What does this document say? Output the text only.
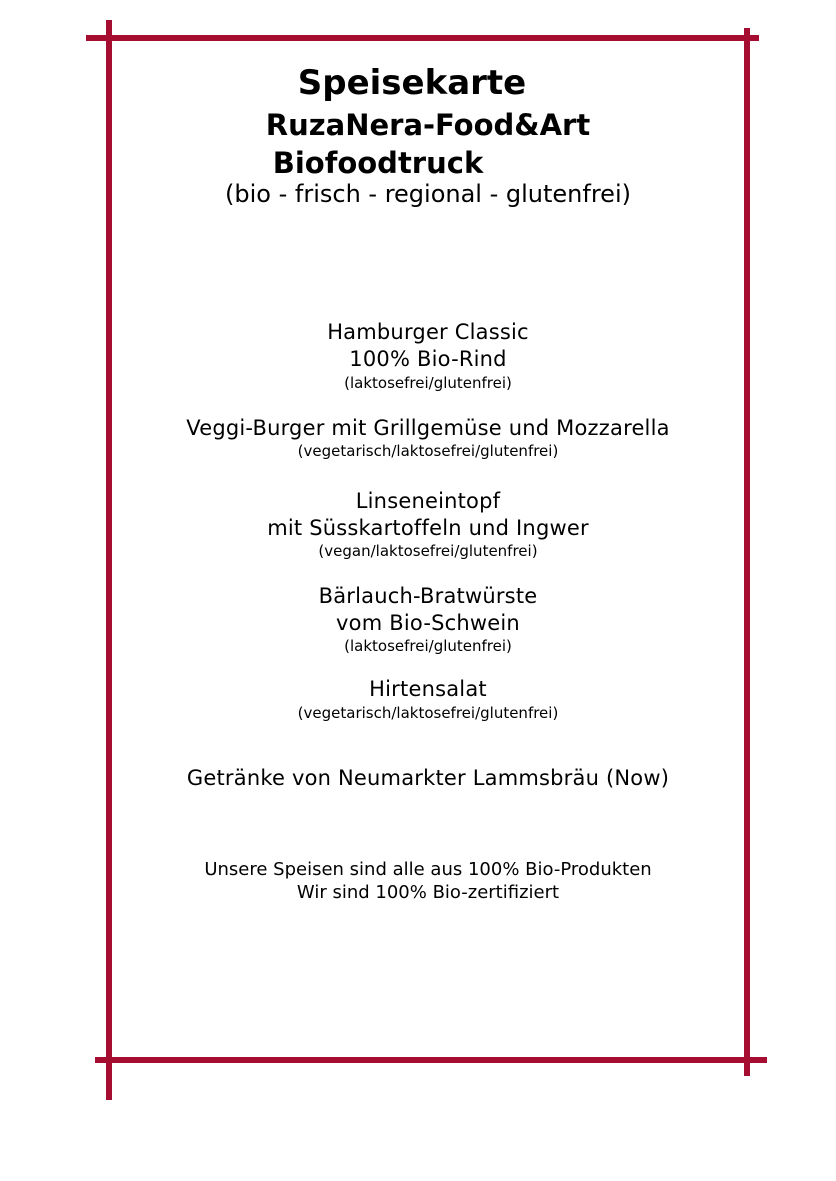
Speisekarte
RuzaNera-Food&Art
Biofoodtruck
(bio - frisch - regional - glutenfrei)
Hamburger Classic
100% Bio-Rind
(laktosefrei/glutenfrei)
Veggi-Burger mit Grillgemüse und Mozzarella
(vegetarisch/laktosefrei/glutenfrei)
Linseneintopf
mit Süsskartoffeln und Ingwer
(vegan/laktosefrei/glutenfrei)
Bärlauch-Bratwürste
vom Bio-Schwein
(laktosefrei/glutenfrei)
Hirtensalat
(vegetarisch/laktosefrei/glutenfrei)
Getränke von Neumarkter Lammsbräu (Now)
Unsere Speisen sind alle aus 100% Bio-Produkten
Wir sind 100% Bio-zertifiziert
